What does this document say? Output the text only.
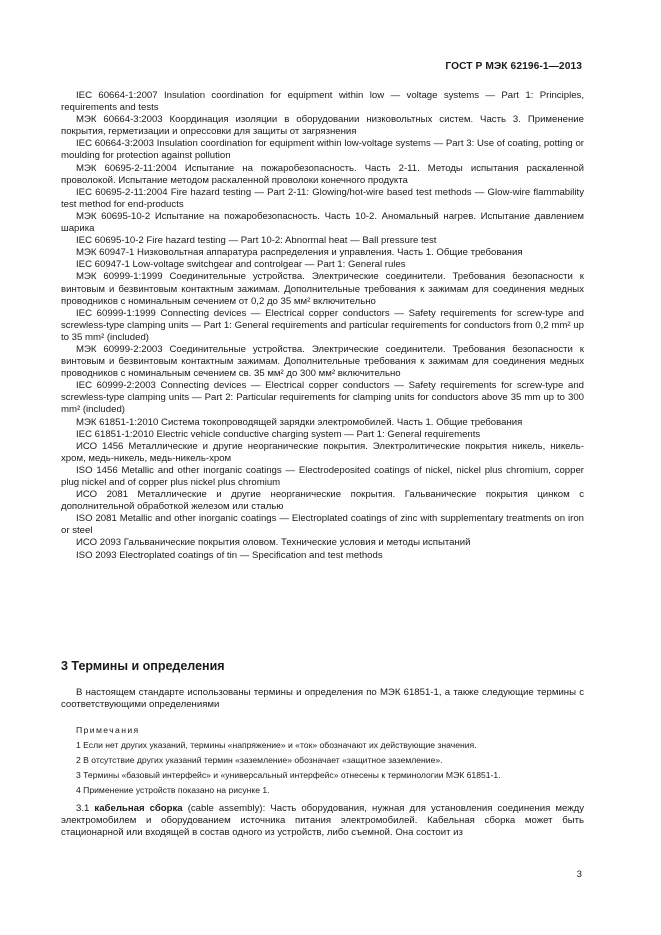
ГОСТ Р МЭК 62196-1—2013

IEC 60664-1:2007 Insulation coordination for equipment within low — voltage systems — Part 1: Principles, requirements and tests

МЭК 60664-3:2003 Координация изоляции в оборудовании низковольтных систем. Часть 3. Применение покрытия, герметизации и опрессовки для защиты от загрязнения

IEC 60664-3:2003 Insulation coordination for equipment within low-voltage systems — Part 3: Use of coating, potting or moulding for protection against pollution

МЭК 60695-2-11:2004 Испытание на пожаробезопасность. Часть 2-11. Методы испытания раскаленной проволокой. Испытание методом раскаленной проволоки конечного продукта

IEC 60695-2-11:2004 Fire hazard testing — Part 2-11: Glowing/hot-wire based test methods — Glow-wire flammability test method for end-products

МЭК 60695-10-2 Испытание на пожаробезопасность. Часть 10-2. Аномальный нагрев. Испытание давлением шарика

IEC 60695-10-2 Fire hazard testing — Part 10-2: Abnormal heat — Ball pressure test

МЭК 60947-1 Низковольтная аппаратура распределения и управления. Часть 1. Общие требования

IEC 60947-1 Low-voltage switchgear and controlgear — Part 1: General rules

МЭК 60999-1:1999 Соединительные устройства. Электрические соединители. Требования безопасности к винтовым и безвинтовым контактным зажимам. Дополнительные требования к зажимам для соединения медных проводников с номинальным сечением от 0,2 до 35 мм² включительно

IEC 60999-1:1999 Connecting devices — Electrical copper conductors — Safety requirements for screw-type and screwless-type clamping units — Part 1: General requirements and particular requirements for conductors from 0,2 mm² up to 35 mm² (included)

МЭК 60999-2:2003 Соединительные устройства. Электрические соединители. Требования безопасности к винтовым и безвинтовым контактным зажимам. Дополнительные требования к зажимам для соединения медных проводников с номинальным сечением св. 35 мм² до 300 мм² включительно

IEC 60999-2:2003 Connecting devices — Electrical copper conductors — Safety requirements for screw-type and screwless-type clamping units — Part 2: Particular requirements for clamping units for conductors above 35 mm up to 300 mm² (included)

МЭК 61851-1:2010 Система токопроводящей зарядки электромобилей. Часть 1. Общие требования

IEC 61851-1:2010 Electric vehicle conductive charging system — Part 1: General requirements

ИСО 1456 Металлические и другие неорганические покрытия. Электролитические покрытия никель, никель-хром, медь-никель, медь-никель-хром

ISO 1456 Metallic and other inorganic coatings — Electrodeposited coatings of nickel, nickel plus chromium, copper plug nickel and of copper plus nickel plus chromium

ИСО 2081 Металлические и другие неорганические покрытия. Гальванические покрытия цинком с дополнительной обработкой железом или сталью

ISO 2081 Metallic and other inorganic coatings — Electroplated coatings of zinc with supplementary treatments on iron or steel

ИСО 2093 Гальванические покрытия оловом. Технические условия и методы испытаний

ISO 2093 Electroplated coatings of tin — Specification and test methods

3 Термины и определения

В настоящем стандарте использованы термины и определения по МЭК 61851-1, а также следующие термины с соответствующими определениями

Примечания

1 Если нет других указаний, термины «напряжение» и «ток» обозначают их действующие значения.

2 В отсутствие других указаний термин «заземление» обозначает «защитное заземление».

3 Термины «базовый интерфейс» и «универсальный интерфейс» отнесены к терминологии МЭК 61851-1.

4 Применение устройств показано на рисунке 1.

3.1 кабельная сборка (cable assembly): Часть оборудования, нужная для установления соединения между электромобилем и оборудованием источника питания электромобилей. Кабельная сборка может быть стационарной или входящей в состав одного из устройств, либо съемной. Она состоит из

3
